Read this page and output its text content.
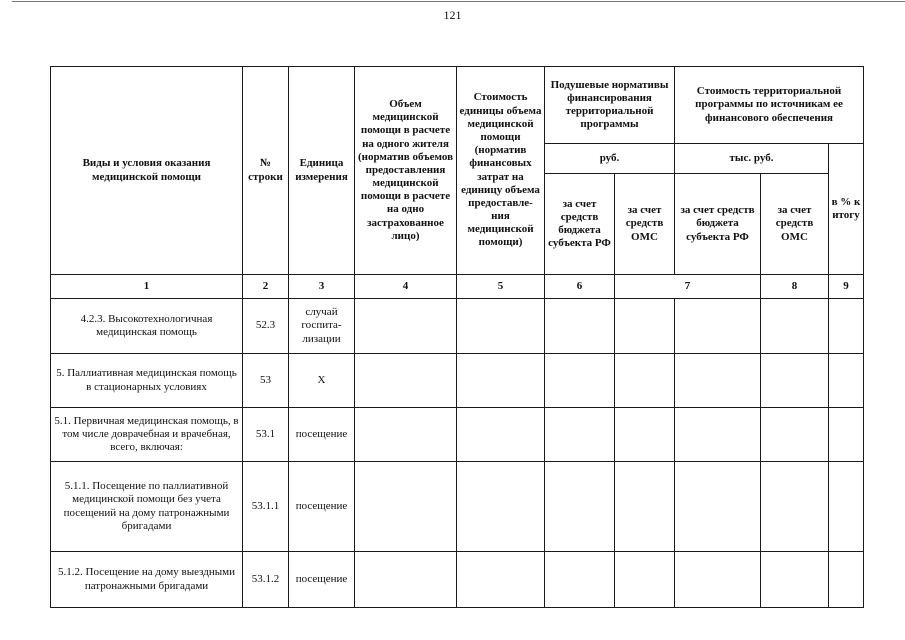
121
Виды и условия оказания медицинской помощи	№ строки	Единица измерения	Объем медицинской помощи в расчете на одного жителя (норматив объемов предоставления медицинской помощи в расчете на одно застрахованное лицо)	Стоимость единицы объема медицинской помощи (норматив финансовых затрат на единицу объема предоставле- ния медицинской помощи)	Подушевые нормативы финансирования территориальной программы		Стоимость территориальной программы по источникам ее финансового обеспечения		
					руб.		тыс. руб.		в % к итогу
					за счет средств бюджета субъекта РФ	за счет средств ОМС	за счет средств бюджета субъекта РФ	за счет средств ОМС	
1	2	3	4	5	6	7		8	9
4.2.3. Высокотехнологичная медицинская помощь	52.3	случай госпита- лизации							
5. Паллиативная медицинская помощь в стационарных условиях	53	Х							
5.1. Первичная медицинская помощь, в том числе доврачебная и врачебная, всего, включая:	53.1	посещение							
5.1.1. Посещение по паллиативной медицинской помощи без учета посещений на дому патронажными бригадами	53.1.1	посещение							
5.1.2. Посещение на дому выездными патронажными бригадами	53.1.2	посещение							
